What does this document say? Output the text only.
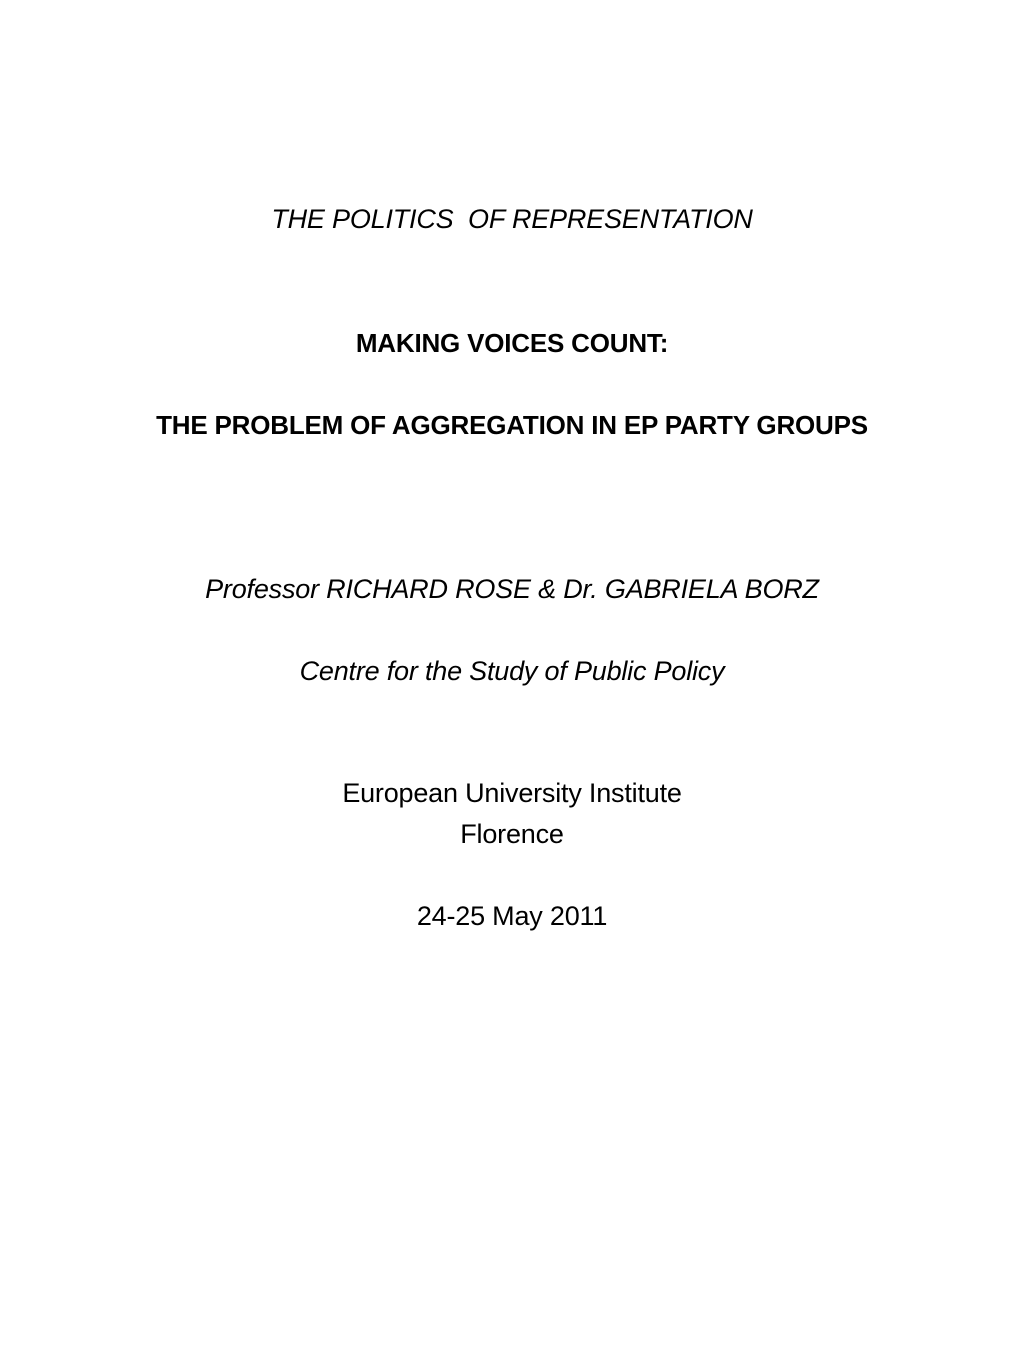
THE POLITICS  OF REPRESENTATION
MAKING VOICES COUNT:
THE PROBLEM OF AGGREGATION IN EP PARTY GROUPS
Professor RICHARD ROSE & Dr. GABRIELA BORZ
Centre for the Study of Public Policy
European University Institute
Florence
24-25 May 2011
